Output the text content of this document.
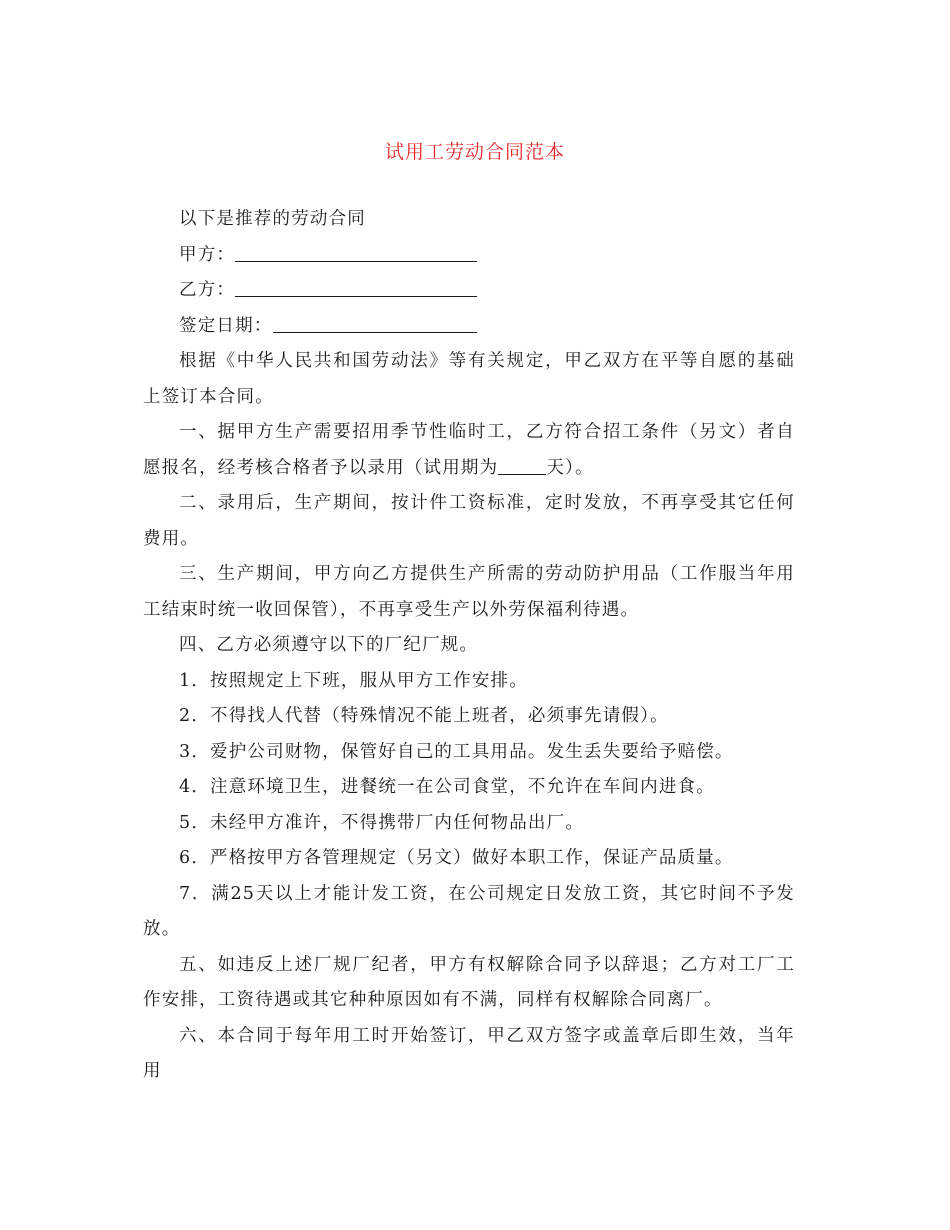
试用工劳动合同范本

以下是推荐的劳动合同

甲方：

乙方：

签定日期：

根据《中华人民共和国劳动法》等有关规定，甲乙双方在平等自愿的基础上签订本合同。

一、据甲方生产需要招用季节性临时工，乙方符合招工条件（另文）者自愿报名，经考核合格者予以录用（试用期为	天）。

二、录用后，生产期间，按计件工资标准，定时发放，不再享受其它任何费用。

三、生产期间，甲方向乙方提供生产所需的劳动防护用品（工作服当年用工结束时统一收回保管），不再享受生产以外劳保福利待遇。

四、乙方必须遵守以下的厂纪厂规。

1．按照规定上下班，服从甲方工作安排。

2．不得找人代替（特殊情况不能上班者，必须事先请假）。

3．爱护公司财物，保管好自己的工具用品。发生丢失要给予赔偿。

4．注意环境卫生，进餐统一在公司食堂，不允许在车间内进食。

5．未经甲方准许，不得携带厂内任何物品出厂。

6．严格按甲方各管理规定（另文）做好本职工作，保证产品质量。

7．满25天以上才能计发工资，在公司规定日发放工资，其它时间不予发放。

五、如违反上述厂规厂纪者，甲方有权解除合同予以辞退；乙方对工厂工作安排，工资待遇或其它种种原因如有不满，同样有权解除合同离厂。

六、本合同于每年用工时开始签订，甲乙双方签字或盖章后即生效，当年用
